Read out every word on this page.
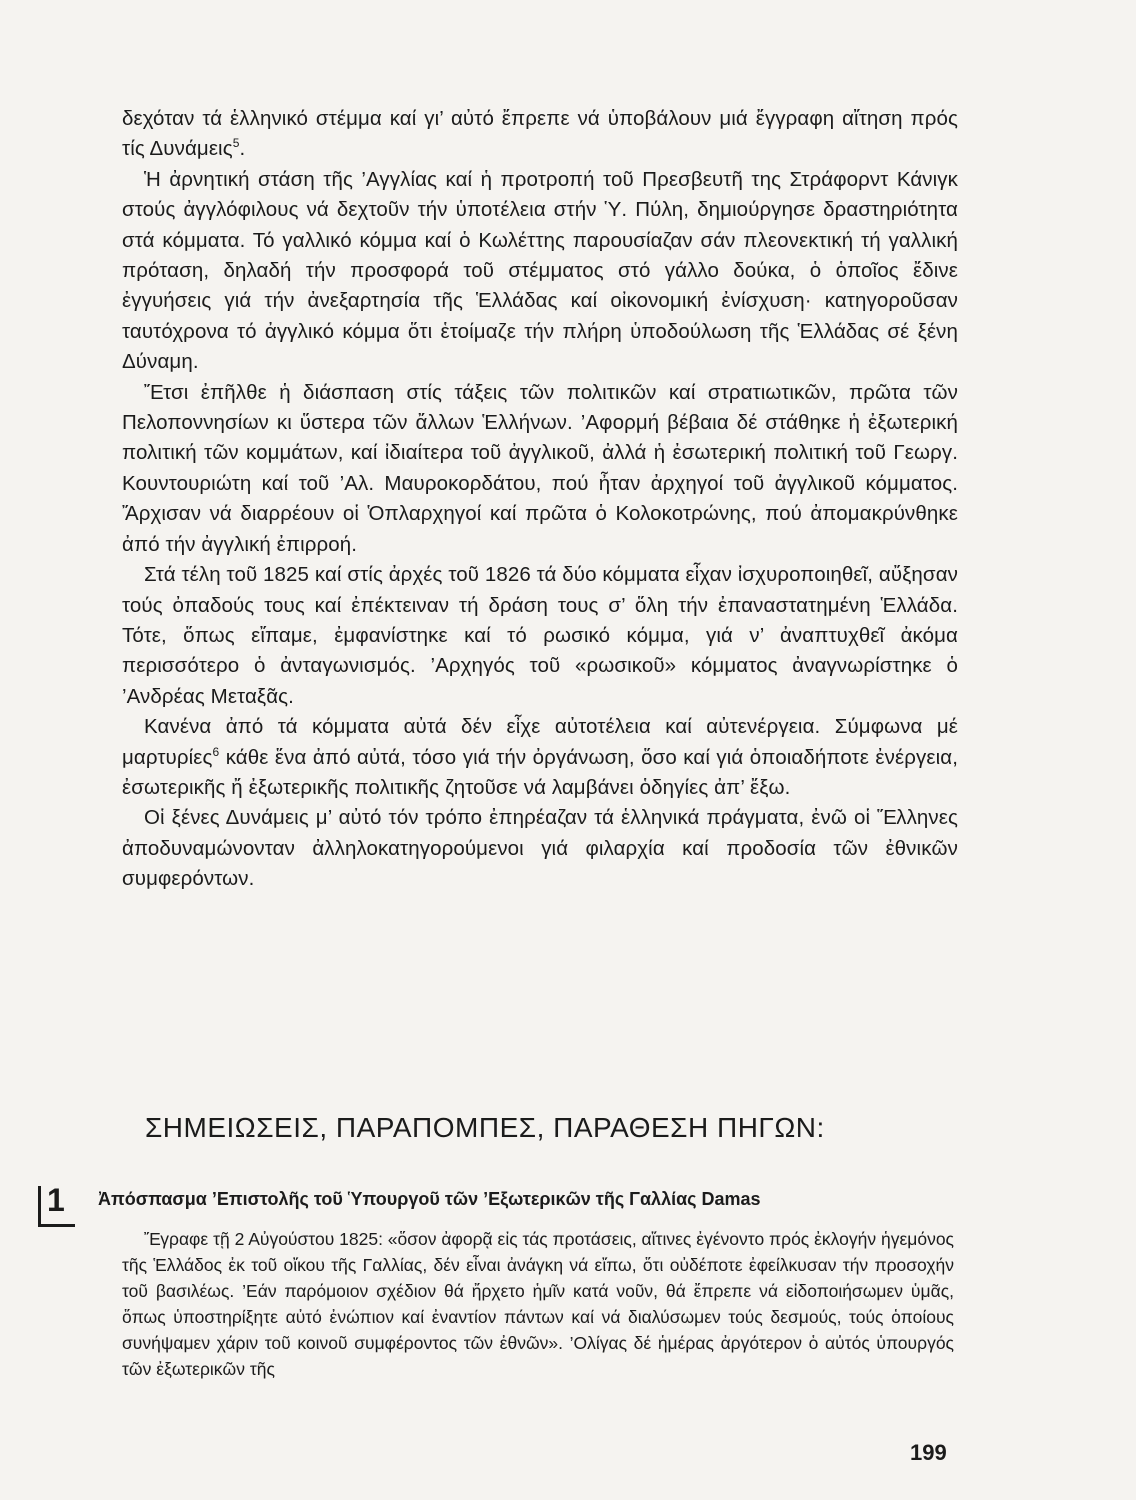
δεχόταν τά ἑλληνικό στέμμα καί γι’ αὐτό ἔπρεπε νά ὑποβάλουν μιά ἔγγραφη αἴτηση πρός τίς Δυνάμεις$^5$.

Ἡ ἀρνητική στάση τῆς ’Αγγλίας καί ἡ προτροπή τοῦ Πρεσβευτῆ της Στράφορντ Κάνιγκ στούς ἀγγλόφιλους νά δεχτοῦν τήν ὑποτέλεια στήν Ὑ. Πύλη, δημιούργησε δραστηριότητα στά κόμματα. Τό γαλλικό κόμμα καί ὁ Κωλέττης παρουσίαζαν σάν πλεονεκτική τή γαλλική πρόταση, δηλαδή τήν προσφορά τοῦ στέμματος στό γάλλο δούκα, ὁ ὁποῖος ἔδινε ἐγγυήσεις γιά τήν ἀνεξαρτησία τῆς Ἑλλάδας καί οἰκονομική ἐνίσχυση· κατηγοροῦσαν ταυτόχρονα τό ἀγγλικό κόμμα ὅτι ἑτοίμαζε τήν πλήρη ὑποδούλωση τῆς Ἑλλάδας σέ ξένη Δύναμη.

Ἔτσι ἐπῆλθε ἡ διάσπαση στίς τάξεις τῶν πολιτικῶν καί στρατιωτικῶν, πρῶτα τῶν Πελοποννησίων κι ὕστερα τῶν ἄλλων Ἑλλήνων. ’Αφορμή βέβαια δέ στάθηκε ἡ ἐξωτερική πολιτική τῶν κομμάτων, καί ἰδιαίτερα τοῦ ἀγγλικοῦ, ἀλλά ἡ ἐσωτερική πολιτική τοῦ Γεωργ. Κουντουριώτη καί τοῦ ’Αλ. Μαυροκορδάτου, πού ἦταν ἀρχηγοί τοῦ ἀγγλικοῦ κόμματος. Ἄρχισαν νά διαρρέουν οἱ Ὁπλαρχηγοί καί πρῶτα ὁ Κολοκοτρώνης, πού ἀπομακρύνθηκε ἀπό τήν ἀγγλική ἐπιρροή.

Στά τέλη τοῦ 1825 καί στίς ἀρχές τοῦ 1826 τά δύο κόμματα εἶχαν ἰσχυροποιηθεῖ, αὔξησαν τούς ὀπαδούς τους καί ἐπέκτειναν τή δράση τους σ’ ὅλη τήν ἐπαναστατημένη Ἑλλάδα. Τότε, ὅπως εἴπαμε, ἐμφανίστηκε καί τό ρωσικό κόμμα, γιά ν’ ἀναπτυχθεῖ ἀκόμα περισσότερο ὁ ἀνταγωνισμός. ’Αρχηγός τοῦ «ρωσικοῦ» κόμματος ἀναγνωρίστηκε ὁ ’Ανδρέας Μεταξᾶς.

Κανένα ἀπό τά κόμματα αὐτά δέν εἶχε αὐτοτέλεια καί αὐτενέργεια. Σύμφωνα μέ μαρτυρίες$^6$ κάθε ἕνα ἀπό αὐτά, τόσο γιά τήν ὀργάνωση, ὅσο καί γιά ὁποιαδήποτε ἐνέργεια, ἐσωτερικῆς ἤ ἐξωτερικῆς πολιτικῆς ζητοῦσε νά λαμβάνει ὁδηγίες ἀπ’ ἔξω.

Οἱ ξένες Δυνάμεις μ’ αὐτό τόν τρόπο ἐπηρέαζαν τά ἑλληνικά πράγματα, ἐνῶ οἱ Ἕλληνες ἀποδυναμώνονταν ἀλληλοκατηγορούμενοι γιά φιλαρχία καί προδοσία τῶν ἐθνικῶν συμφερόντων.

ΣΗΜΕΙΩΣΕΙΣ, ΠΑΡΑΠΟΜΠΕΣ, ΠΑΡΑΘΕΣΗ ΠΗΓΩΝ:
1 Ἀπόσπασμα ’Επιστολῆς τοῦ Ὑπουργοῦ τῶν ’Εξωτερικῶν τῆς Γαλλίας Damas

Ἔγραφε τῇ 2 Αὐγούστου 1825: «ὅσον ἀφορᾷ εἰς τάς προτάσεις, αἵτινες ἐγένοντο πρός ἐκλογήν ἡγεμόνος τῆς Ἑλλάδος ἐκ τοῦ οἴκου τῆς Γαλλίας, δέν εἶναι ἀνάγκη νά εἴπω, ὅτι οὐδέποτε ἐφείλκυσαν τήν προσοχήν τοῦ βασιλέως. ’Εάν παρόμοιον σχέδιον θά ἤρχετο ἡμῖν κατά νοῦν, θά ἔπρεπε νά εἰδοποιήσωμεν ὑμᾶς, ὅπως ὑποστηρίξητε αὐτό ἐνώπιον καί ἐναντίον πάντων καί νά διαλύσωμεν τούς δεσμούς, τούς ὁποίους συνήψαμεν χάριν τοῦ κοινοῦ συμφέροντος τῶν ἐθνῶν». ’Ολίγας δέ ἡμέρας ἀργότερον ὁ αὐτός ὑπουργός τῶν ἐξωτερικῶν τῆς

199
